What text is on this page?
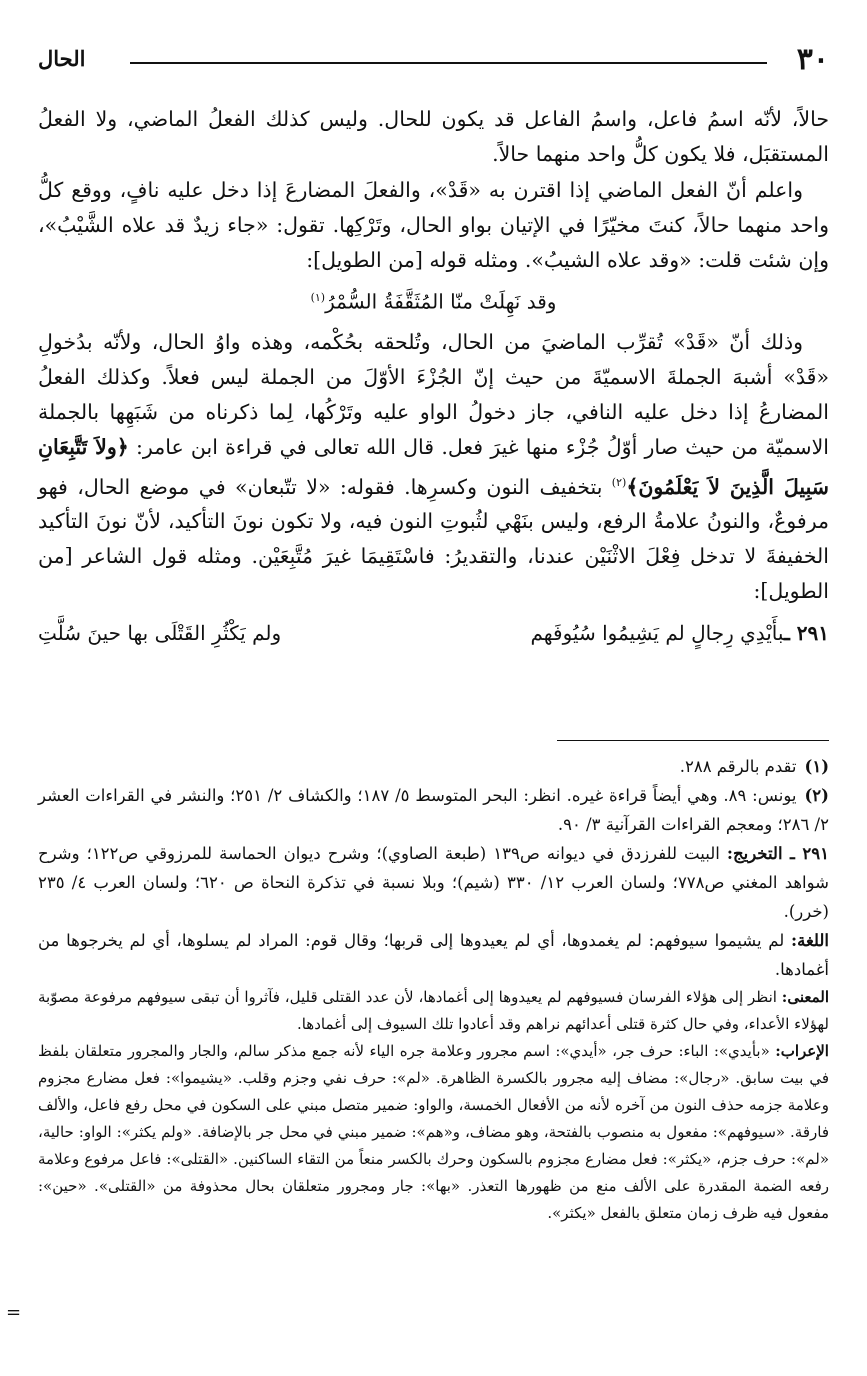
٣٠
الحال

حالاً، لأنّه اسمُ فاعل، واسمُ الفاعل قد يكون للحال. وليس كذلك الفعلُ الماضي، ولا الفعلُ المستقبَل، فلا يكون كلُّ واحد منهما حالاً.

واعلم أنّ الفعل الماضي إذا اقترن به «قَدْ»، والفعلَ المضارعَ إذا دخل عليه نافٍ، ووقع كلُّ واحد منهما حالاً، كنتَ مخيّرًا في الإتيان بواو الحال، وتَرْكِها. تقول: «جاء زيدٌ قد علاه الشَّيْبُ»، وإن شئت قلت: «وقد علاه الشيبُ». ومثله قوله [من الطويل]:

وقد نَهِلَتْ منّا المُثَقَّفَةُ السُّمْرُ$^{(١)}$

وذلك أنّ «قَدْ» تُقرِّب الماضيَ من الحال، وتُلحقه بحُكْمه، وهذه واوُ الحال، ولأنّه بدُخولِ «قَدْ» أشبهَ الجملةَ الاسميّةَ من حيث إنّ الجُزْءَ الأوّلَ من الجملة ليس فعلاً. وكذلك الفعلُ المضارعُ إذا دخل عليه النافي، جاز دخولُ الواو عليه وتَرْكُها، لِما ذكرناه من شَبَهِها بالجملة الاسميّة من حيث صار أوّلُ جُزْء منها غيرَ فعل. قال الله تعالى في قراءة ابن عامر: ﴿ولاَ تَتَّبِعَانِ سَبِيلَ الَّذِينَ لاَ يَعْلَمُونَ﴾$^{(٢)}$ بتخفيف النون وكسرِها. فقوله: «لا تتّبعان» في موضع الحال، فهو مرفوعٌ، والنونُ علامةُ الرفع، وليس بنَهْي لثُبوتِ النون فيه، ولا تكون نونَ التأكيد، لأنّ نونَ التأكيد الخفيفةَ لا تدخل فِعْلَ الاثْنَيْن عندنا، والتقديرُ: فاسْتَقِيمَا غيرَ مُتَّبِعَيْن. ومثله قول الشاعر [من الطويل]:

٢٩١ ـبأَيْدِي رِجالٍ لم يَشِيمُوا سُيُوفَهم
ولم يَكْثُرِ القَتْلَى بها حينَ سُلَّتِ

(١)تقدم بالرقم ٢٨٨.

(٢)يونس: ٨٩. وهي أيضاً قراءة غيره. انظر: البحر المتوسط ٥/ ١٨٧؛ والكشاف ٢/ ٢٥١؛ والنشر في القراءات العشر ٢/ ٢٨٦؛ ومعجم القراءات القرآنية ٣/ ٩٠.

٢٩١ ـ التخريج: البيت للفرزدق في ديوانه ص١٣٩ (طبعة الصاوي)؛ وشرح ديوان الحماسة للمرزوقي ص١٢٢؛ وشرح شواهد المغني ص٧٧٨؛ ولسان العرب ١٢/ ٣٣٠ (شيم)؛ وبلا نسبة في تذكرة النحاة ص ٦٢٠؛ ولسان العرب ٤/ ٢٣٥ (خرر).

اللغة: لم يشيموا سيوفهم: لم يغمدوها، أي لم يعيدوها إلى قربها؛ وقال قوم: المراد لم يسلوها، أي لم يخرجوها من أغمادها.

المعنى: انظر إلى هؤلاء الفرسان فسيوفهم لم يعيدوها إلى أغمادها، لأن عدد القتلى قليل، فآثروا أن تبقى سيوفهم مرفوعة مصوّبة لهؤلاء الأعداء، وفي حال كثرة قتلى أعدائهم نراهم وقد أعادوا تلك السيوف إلى أغمادها.

الإعراب: «بأيدي»: الباء: حرف جر، «أيدي»: اسم مجرور وعلامة جره الياء لأنه جمع مذكر سالم، والجار والمجرور متعلقان بلفظ في بيت سابق. «رجال»: مضاف إليه مجرور بالكسرة الظاهرة. «لم»: حرف نفي وجزم وقلب. «يشيموا»: فعل مضارع مجزوم وعلامة جزمه حذف النون من آخره لأنه من الأفعال الخمسة، والواو: ضمير متصل مبني على السكون في محل رفع فاعل، والألف فارقة. «سيوفهم»: مفعول به منصوب بالفتحة، وهو مضاف، و«هم»: ضمير مبني في محل جر بالإضافة. «ولم يكثر»: الواو: حالية، «لم»: حرف جزم، «يكثر»: فعل مضارع مجزوم بالسكون وحرك بالكسر منعاً من التقاء الساكنين. «القتلى»: فاعل مرفوع وعلامة رفعه الضمة المقدرة على الألف منع من ظهورها التعذر. «بها»: جار ومجرور متعلقان بحال محذوفة من «القتلى». «حين»: مفعول فيه ظرف زمان متعلق بالفعل «يكثر».

=
